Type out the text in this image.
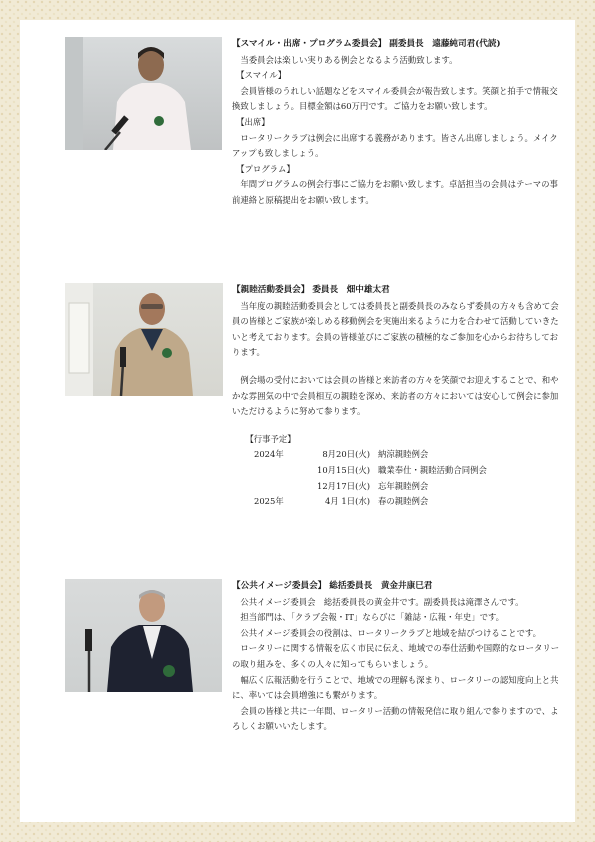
【スマイル・出席・プログラム委員会】 副委員長　遠藤純司君(代読)

当委員会は楽しい実りある例会となるよう活動致します。

【スマイル】

会員皆様のうれしい話題などをスマイル委員会が報告致します。笑顔と拍手で情報交換致しましょう。目標金額は60万円です。ご協力をお願い致します。

【出席】

ロータリークラブは例会に出席する義務があります。皆さん出席しましょう。メイクアップも致しましょう。

【プログラム】

年間プログラムの例会行事にご協力をお願い致します。卓話担当の会員はテーマの事前連絡と原稿提出をお願い致します。

【親睦活動委員会】 委員長　畑中雄太君

当年度の親睦活動委員会としては委員長と副委員長のみならず委員の方々も含めて会員の皆様とご家族が楽しめる移動例会を実施出来るように力を合わせて活動していきたいと考えております。会員の皆様並びにご家族の積極的なご参加を心からお待ちしております。

例会場の受付においては会員の皆様と来訪者の方々を笑顔でお迎えすることで、和やかな雰囲気の中で会員相互の親睦を深め、来訪者の方々においては安心して例会に参加いただけるように努めて参ります。

【行事予定】

2024年	8月20日(火) 納涼親睦例会
10月15日(火) 職業奉仕・親睦活動合同例会
12月17日(火) 忘年親睦例会
2025年	4月 1日(水) 春の親睦例会

【公共イメージ委員会】 総括委員長　黄金井康巳君

公共イメージ委員会　総括委員長の黄金井です。副委員長は滝澤さんです。

担当部門は、「クラブ会報・IT」ならびに「雑誌・広報・年史」です。

公共イメージ委員会の役割は、ロータリークラブと地域を結びつけることです。

ロータリーに関する情報を広く市民に伝え、地域での奉仕活動や国際的なロータリーの取り組みを、多くの人々に知ってもらいましょう。

幅広く広報活動を行うことで、地域での理解も深まり、ロータリーの認知度向上と共に、率いては会員増強にも繋がります。

会員の皆様と共に一年間、ロータリー活動の情報発信に取り組んで参りますので、よろしくお願いいたします。
